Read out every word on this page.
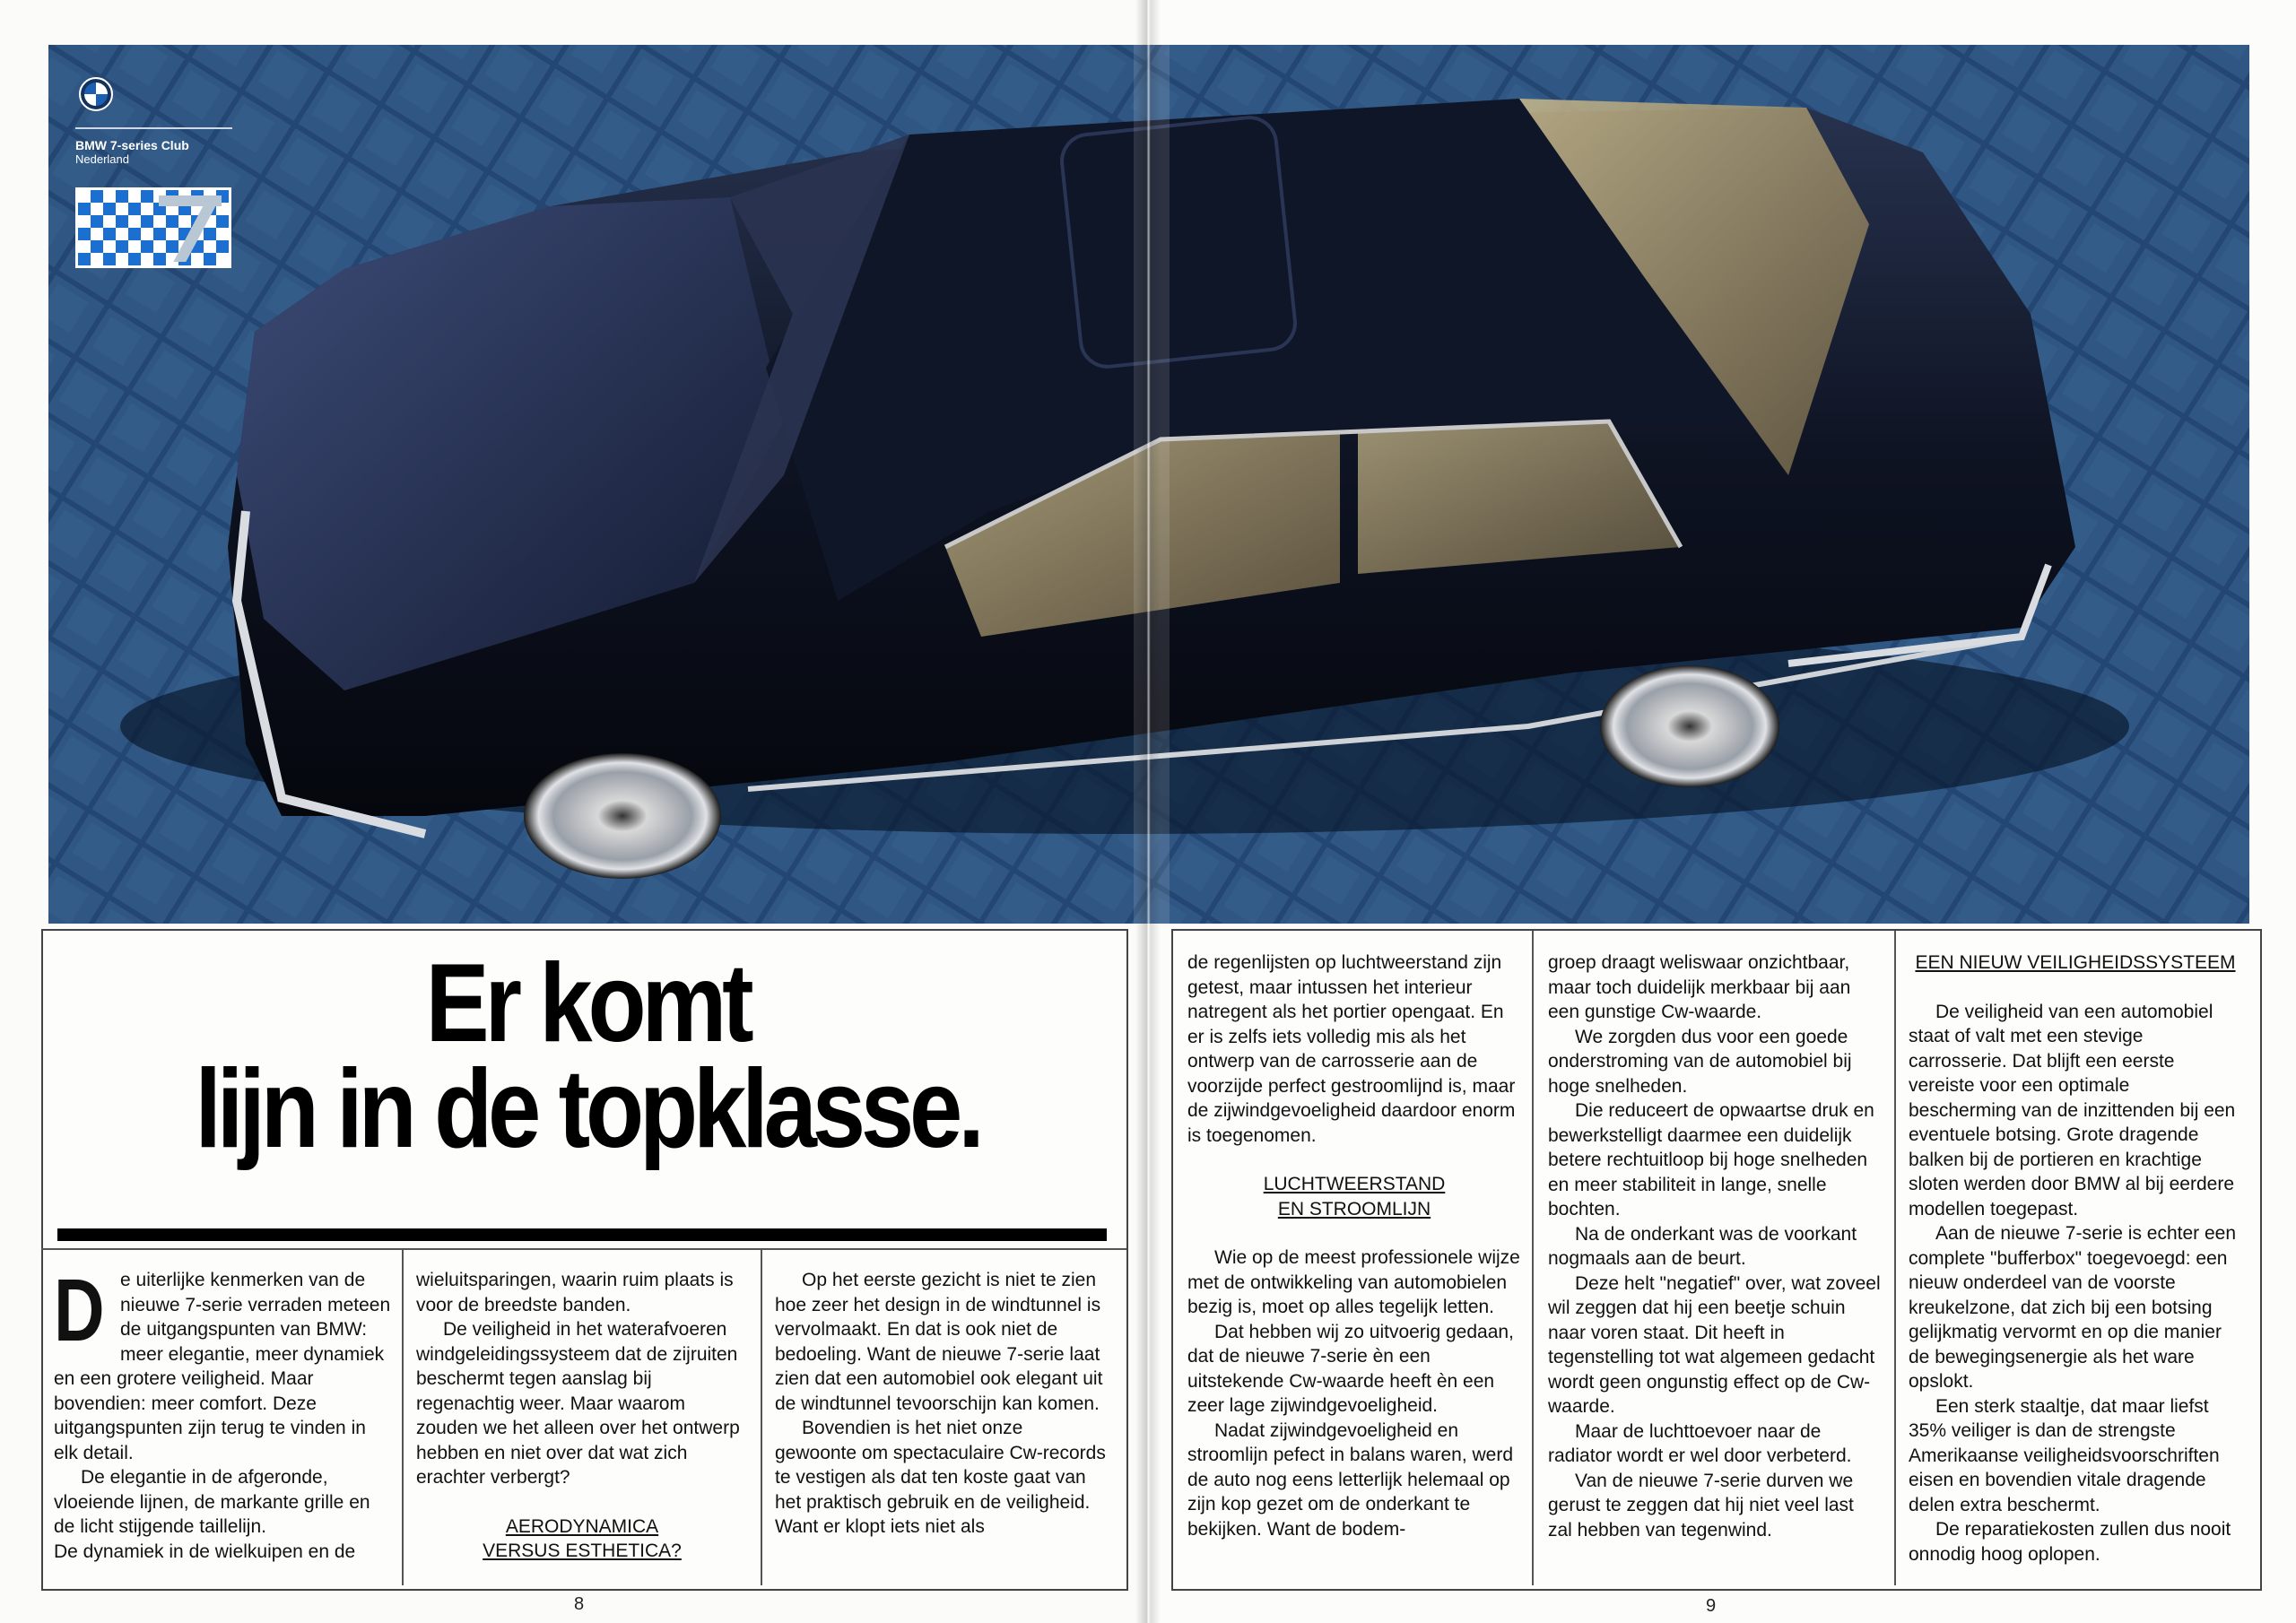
BMW 7-series Club
Nederland
Er komt
lijn in de topklasse.
D e uiterlijke kenmerken van de nieuwe 7-serie verraden meteen de uitgangspunten van BMW: meer elegantie, meer dynamiek en een grotere veiligheid. Maar bovendien: meer comfort. Deze uitgangspunten zijn terug te vinden in elk detail.

De elegantie in de afgeronde, vloeiende lijnen, de markante grille en de licht stijgende taillelijn.

De dynamiek in de wielkuipen en de

wieluitsparingen, waarin ruim plaats is voor de breedste banden.

De veiligheid in het waterafvoeren windgeleidingssysteem dat de zijruiten beschermt tegen aanslag bij regenachtig weer. Maar waarom zouden we het alleen over het ontwerp hebben en niet over dat wat zich erachter verbergt?

AERODYNAMICA

VERSUS ESTHETICA?

Op het eerste gezicht is niet te zien hoe zeer het design in de windtunnel is vervolmaakt. En dat is ook niet de bedoeling. Want de nieuwe 7-serie laat zien dat een automobiel ook elegant uit de windtunnel tevoorschijn kan komen.

Bovendien is het niet onze gewoonte om spectaculaire Cw-records te vestigen als dat ten koste gaat van het praktisch gebruik en de veiligheid. Want er klopt iets niet als

8

de regenlijsten op luchtweerstand zijn getest, maar intussen het interieur natregent als het portier opengaat. En er is zelfs iets volledig mis als het ontwerp van de carrosserie aan de voorzijde perfect gestroomlijnd is, maar de zijwindgevoeligheid daardoor enorm is toegenomen.

LUCHTWEERSTAND

EN STROOMLIJN

Wie op de meest professionele wijze met de ontwikkeling van automobielen bezig is, moet op alles tegelijk letten.

Dat hebben wij zo uitvoerig gedaan, dat de nieuwe 7-serie èn een uitstekende Cw-waarde heeft èn een zeer lage zijwindgevoeligheid.

Nadat zijwindgevoeligheid en stroomlijn pefect in balans waren, werd de auto nog eens letterlijk helemaal op zijn kop gezet om de onderkant te bekijken. Want de bodem-

groep draagt weliswaar onzichtbaar, maar toch duidelijk merkbaar bij aan een gunstige Cw-waarde.

We zorgden dus voor een goede onderstroming van de automobiel bij hoge snelheden.

Die reduceert de opwaartse druk en bewerkstelligt daarmee een duidelijk betere rechtuitloop bij hoge snelheden en meer stabiliteit in lange, snelle bochten.

Na de onderkant was de voorkant nogmaals aan de beurt.

Deze helt "negatief" over, wat zoveel wil zeggen dat hij een beetje schuin naar voren staat. Dit heeft in tegenstelling tot wat algemeen gedacht wordt geen ongunstig effect op de Cw-waarde.

Maar de luchttoevoer naar de radiator wordt er wel door verbeterd.

Van de nieuwe 7-serie durven we gerust te zeggen dat hij niet veel last zal hebben van tegenwind.

EEN NIEUW VEILIGHEIDSSYSTEEM

De veiligheid van een automobiel staat of valt met een stevige carrosserie. Dat blijft een eerste vereiste voor een optimale bescherming van de inzittenden bij een eventuele botsing. Grote dragende balken bij de portieren en krachtige sloten werden door BMW al bij eerdere modellen toegepast.

Aan de nieuwe 7-serie is echter een complete "bufferbox" toegevoegd: een nieuw onderdeel van de voorste kreukelzone, dat zich bij een botsing gelijkmatig vervormt en op die manier de bewegingsenergie als het ware opslokt.

Een sterk staaltje, dat maar liefst 35% veiliger is dan de strengste Amerikaanse veiligheidsvoorschriften eisen en bovendien vitale dragende delen extra beschermt.

De reparatiekosten zullen dus nooit onnodig hoog oplopen.

9
